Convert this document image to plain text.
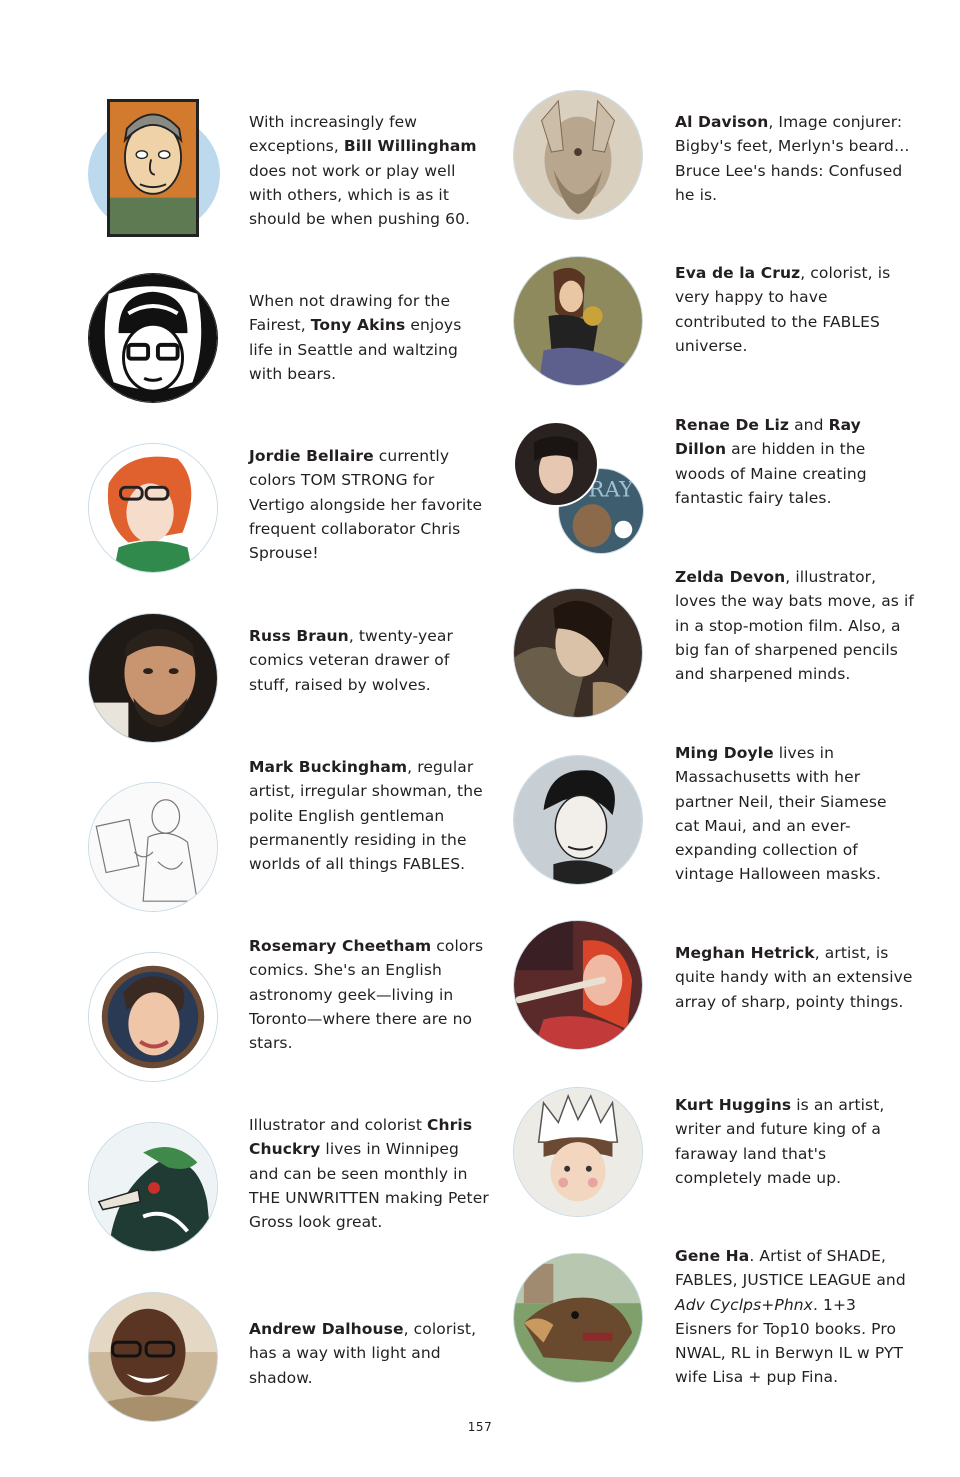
With increasingly few exceptions, Bill Willingham does not work or play well with others, which is as it should be when pushing 60.
When not drawing for the Fairest, Tony Akins enjoys life in Seattle and waltzing with bears.
Jordie Bellaire currently colors TOM STRONG for Vertigo alongside her favorite frequent collaborator Chris Sprouse!
Russ Braun, twenty-year comics veteran drawer of stuff, raised by wolves.
Mark Buckingham, regular artist, irregular showman, the polite English gentleman permanently residing in the worlds of all things FABLES.
Rosemary Cheetham colors comics. She's an English astronomy geek—living in Toronto—where there are no stars.
Illustrator and colorist Chris Chuckry lives in Winnipeg and can be seen monthly in THE UNWRITTEN making Peter Gross look great.
Andrew Dalhouse, colorist, has a way with light and shadow.
Al Davison, Image conjurer: Bigby's feet, Merlyn's beard… Bruce Lee's hands: Confused he is.
Eva de la Cruz, colorist, is very happy to have contributed to the FABLES universe.
RAY
Renae De Liz and Ray Dillon are hidden in the woods of Maine creating fantastic fairy tales.
Zelda Devon, illustrator, loves the way bats move, as if in a stop-motion film. Also, a big fan of sharpened pencils and sharpened minds.
Ming Doyle lives in Massachusetts with her partner Neil, their Siamese cat Maui, and an ever-expanding collection of vintage Halloween masks.
Meghan Hetrick, artist, is quite handy with an extensive array of sharp, pointy things.
Kurt Huggins is an artist, writer and future king of a faraway land that's completely made up.
Gene Ha. Artist of SHADE, FABLES, JUSTICE LEAGUE and Adv Cyclps+Phnx. 1+3 Eisners for Top10 books. Pro NWAL, RL in Berwyn IL w PYT wife Lisa + pup Fina.
157
